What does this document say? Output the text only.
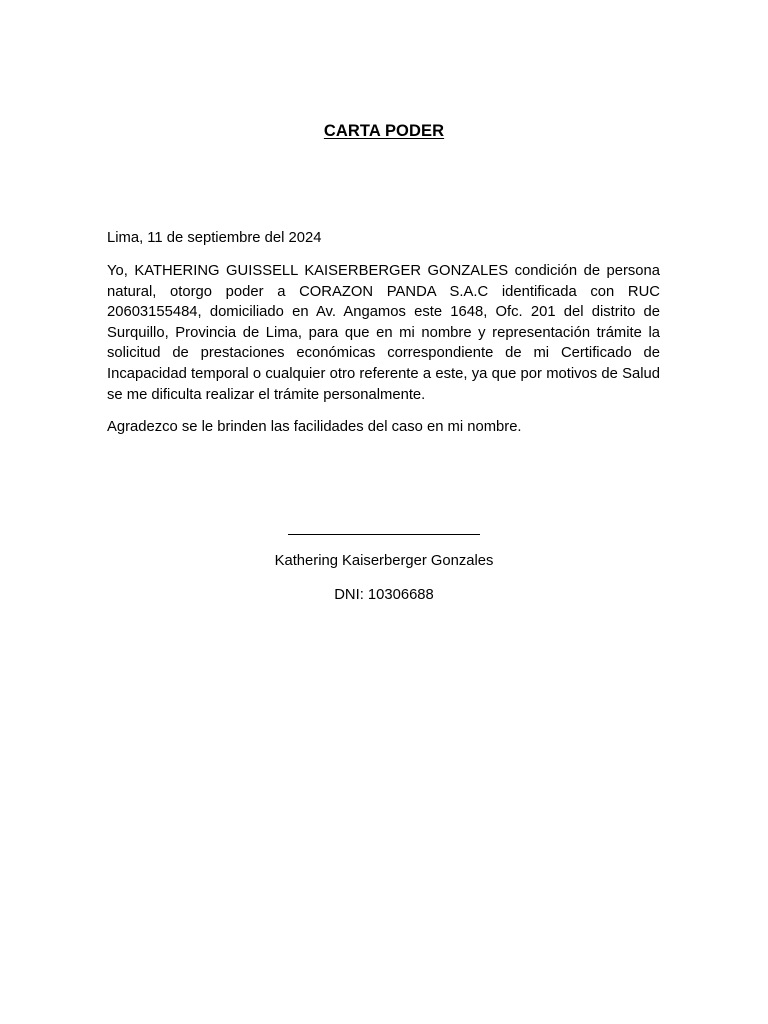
CARTA PODER
Lima, 11 de septiembre del 2024
Yo, KATHERING GUISSELL KAISERBERGER GONZALES condición de persona natural, otorgo poder a CORAZON PANDA S.A.C identificada con RUC 20603155484, domiciliado en Av. Angamos este 1648, Ofc. 201 del distrito de Surquillo, Provincia de Lima, para que en mi nombre y representación trámite la solicitud de prestaciones económicas correspondiente de mi Certificado de Incapacidad temporal o cualquier otro referente a este, ya que por motivos de Salud se me dificulta realizar el trámite personalmente.
Agradezco se le brinden las facilidades del caso en mi nombre.
Kathering Kaiserberger Gonzales
DNI: 10306688
